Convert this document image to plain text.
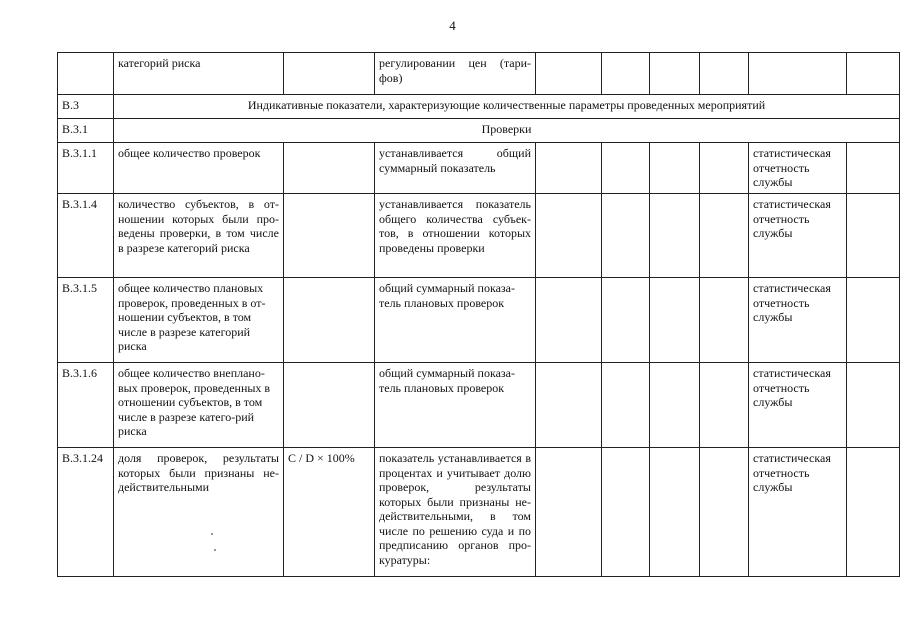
4
	категорий риска		регулировании цен (тари-фов)						
В.3	Индикативные показатели, характеризующие количественные параметры проведенных мероприятий								
В.3.1	Проверки								
В.3.1.1	общее количество проверок		устанавливается общий суммарный показатель					статистическая отчетность службы	
В.3.1.4	количество субъектов, в от-ношении которых были про-ведены проверки, в том числе в разрезе категорий риска		устанавливается показатель общего количества субъек-тов, в отношении которых проведены проверки					статистическая отчетность службы	
В.3.1.5	общее количество плановых проверок, проведенных в от-ношении субъектов, в том числе в разрезе категорий риска		общий суммарный показа-тель плановых проверок					статистическая отчетность службы	
В.3.1.6	общее количество внеплано-вых проверок, проведенных в отношении субъектов, в том числе в разрезе катего-рий риска		общий суммарный показа-тель плановых проверок					статистическая отчетность службы	
В.3.1.24	доля проверок, результаты которых были признаны не-действительными	C / D × 100%	показатель устанавливается в процентах и учитывает долю проверок, результаты которых были признаны не-действительными, в том числе по решению суда и по предписанию органов про-куратуры:					статистическая отчетность службы	
